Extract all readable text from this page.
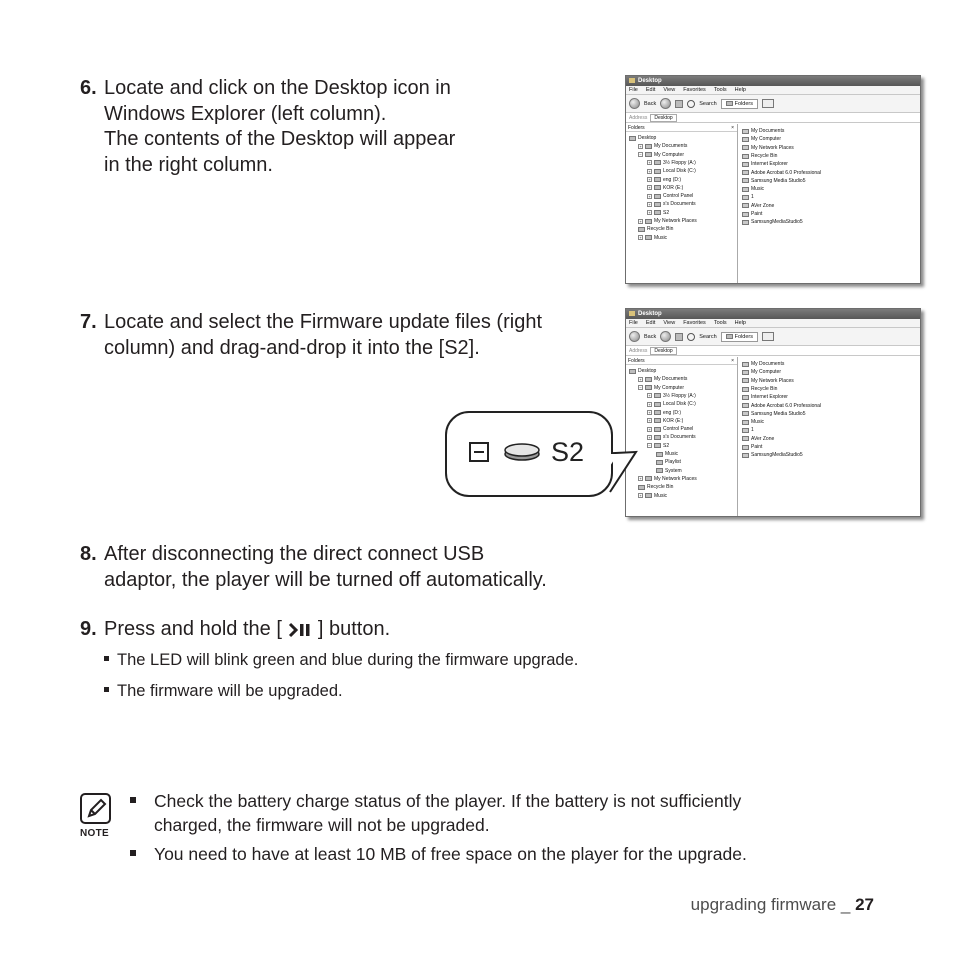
6. Locate and click on the Desktop icon in
Windows Explorer (left column).
The contents of the Desktop will appear
in the right column.
7. Locate and select the Firmware update files (right
column) and drag-and-drop it into the [S2].
8. After disconnecting the direct connect USB
adaptor, the player will be turned off automatically.
9. Press and hold the [ ] button.
The LED will blink green and blue during the firmware upgrade.
The firmware will be upgraded.
Desktop
File Edit View Favorites Tools Help
Back	Search	Folders
Address	Desktop
Folders	×
Desktop
+ My Documents
− My Computer
+ 3½ Floppy (A:)
+ Local Disk (C:)
+ eng (D:)
+ KOR (E:)
+ Control Panel
+ s's Documents
+ S2
+ My Network Places
Recycle Bin
+ Music
My Documents
My Computer
My Network Places
Recycle Bin
Internet Explorer
Adobe Acrobat 6.0 Professional
Samsung Media Studio5
Music
1
AVer Zone
Paint
SamsungMediaStudio5
Desktop
File Edit View Favorites Tools Help
Back	Search	Folders
Address	Desktop
Folders	×
Desktop
+ My Documents
− My Computer
+ 3½ Floppy (A:)
+ Local Disk (C:)
+ eng (D:)
+ KOR (E:)
+ Control Panel
+ s's Documents
− S2
Music
Playlist
System
+ My Network Places
Recycle Bin
+ Music
My Documents
My Computer
My Network Places
Recycle Bin
Internet Explorer
Adobe Acrobat 6.0 Professional
Samsung Media Studio5
Music
1
AVer Zone
Paint
SamsungMediaStudio5
S2
NOTE
Check the battery charge status of the player. If the battery is not sufficiently
charged, the firmware will not be upgraded.
You need to have at least 10 MB of free space on the player for the upgrade.
upgrading firmware _ 27
